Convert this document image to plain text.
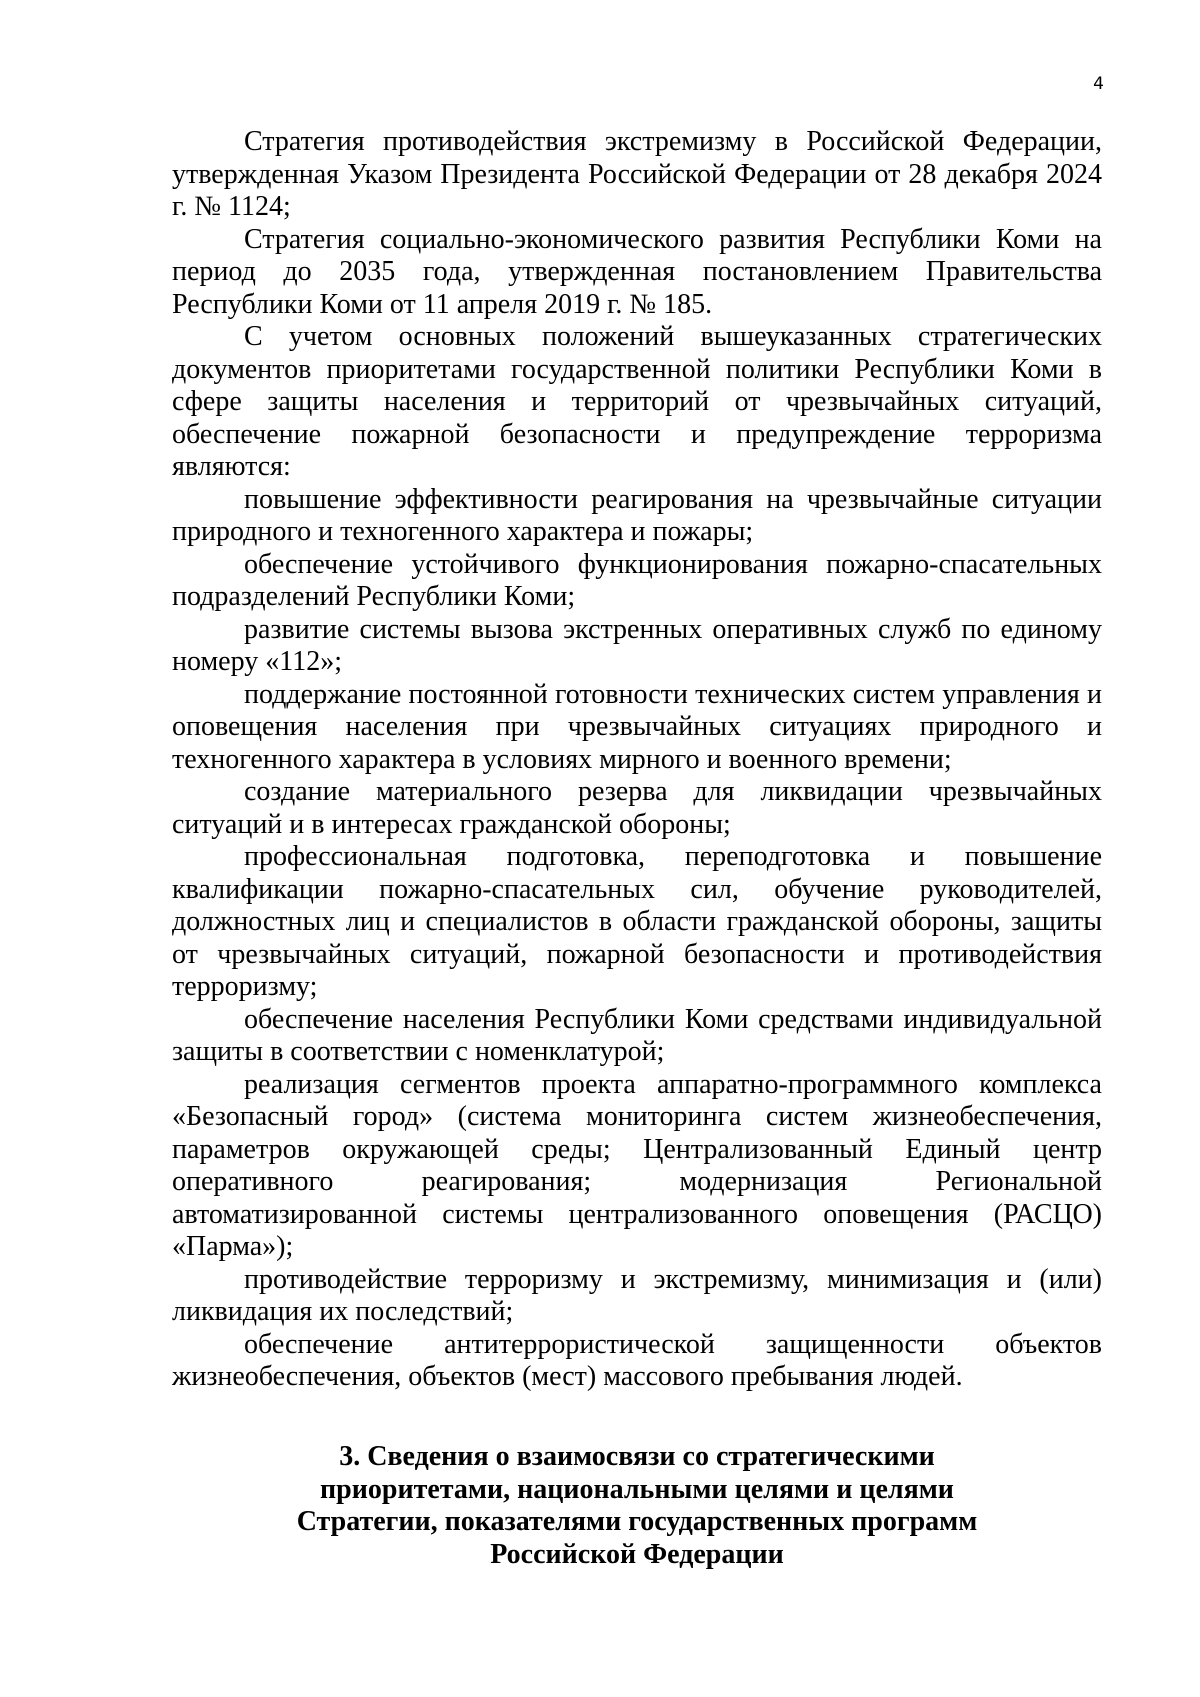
4

Стратегия противодействия экстремизму в Российской Федерации, утвержденная Указом Президента Российской Федерации от 28 декабря 2024 г. № 1124;

Стратегия социально-экономического развития Республики Коми на период до 2035 года, утвержденная постановлением Правительства Республики Коми от 11 апреля 2019 г. № 185.

С учетом основных положений вышеуказанных стратегических документов приоритетами государственной политики Республики Коми в сфере защиты населения и территорий от чрезвычайных ситуаций, обеспечение пожарной безопасности и предупреждение терроризма являются:

повышение эффективности реагирования на чрезвычайные ситуации природного и техногенного характера и пожары;

обеспечение устойчивого функционирования пожарно-спасательных подразделений Республики Коми;

развитие системы вызова экстренных оперативных служб по единому номеру «112»;

поддержание постоянной готовности технических систем управления и оповещения населения при чрезвычайных ситуациях природного и техногенного характера в условиях мирного и военного времени;

создание материального резерва для ликвидации чрезвычайных ситуаций и в интересах гражданской обороны;

профессиональная подготовка, переподготовка и повышение квалификации пожарно-спасательных сил, обучение руководителей, должностных лиц и специалистов в области гражданской обороны, защиты от чрезвычайных ситуаций, пожарной безопасности и противодействия терроризму;

обеспечение населения Республики Коми средствами индивидуальной защиты в соответствии с номенклатурой;

реализация сегментов проекта аппаратно-программного комплекса «Безопасный город» (система мониторинга систем жизнеобеспечения, параметров окружающей среды; Централизованный Единый центр оперативного реагирования; модернизация Региональной автоматизированной системы централизованного оповещения (РАСЦО) «Парма»);

противодействие терроризму и экстремизму, минимизация и (или) ликвидация их последствий;

обеспечение антитеррористической защищенности объектов жизнеобеспечения, объектов (мест) массового пребывания людей.

3. Сведения о взаимосвязи со стратегическими
приоритетами, национальными целями и целями
Стратегии, показателями государственных программ
Российской Федерации
